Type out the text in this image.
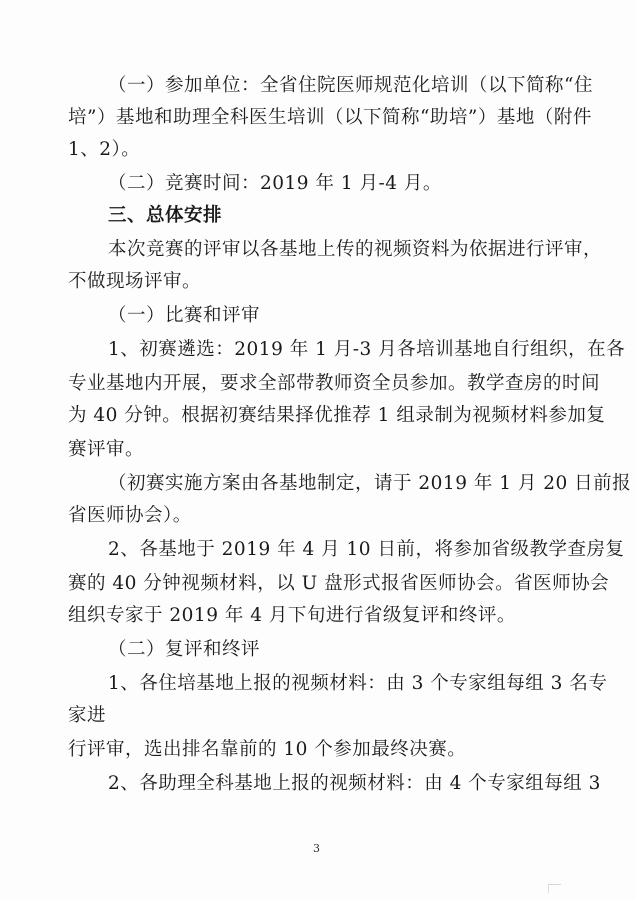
（一）参加单位：全省住院医师规范化培训（以下简称“住
培”）基地和助理全科医生培训（以下简称“助培”）基地（附件
1、2）。
（二）竞赛时间：2019 年 1 月-4 月。
三、总体安排
本次竞赛的评审以各基地上传的视频资料为依据进行评审，
不做现场评审。
（一）比赛和评审
1、初赛遴选：2019 年 1 月-3 月各培训基地自行组织，在各
专业基地内开展，要求全部带教师资全员参加。教学查房的时间
为 40 分钟。根据初赛结果择优推荐 1 组录制为视频材料参加复
赛评审。
（初赛实施方案由各基地制定，请于 2019 年 1 月 20 日前报
省医师协会）。
2、各基地于 2019 年 4 月 10 日前，将参加省级教学查房复
赛的 40 分钟视频材料，以 U 盘形式报省医师协会。省医师协会
组织专家于 2019 年 4 月下旬进行省级复评和终评。
（二）复评和终评
1、各住培基地上报的视频材料：由 3 个专家组每组 3 名专
家进
行评审，选出排名靠前的 10 个参加最终决赛。
2、各助理全科基地上报的视频材料：由 4 个专家组每组 3
3
